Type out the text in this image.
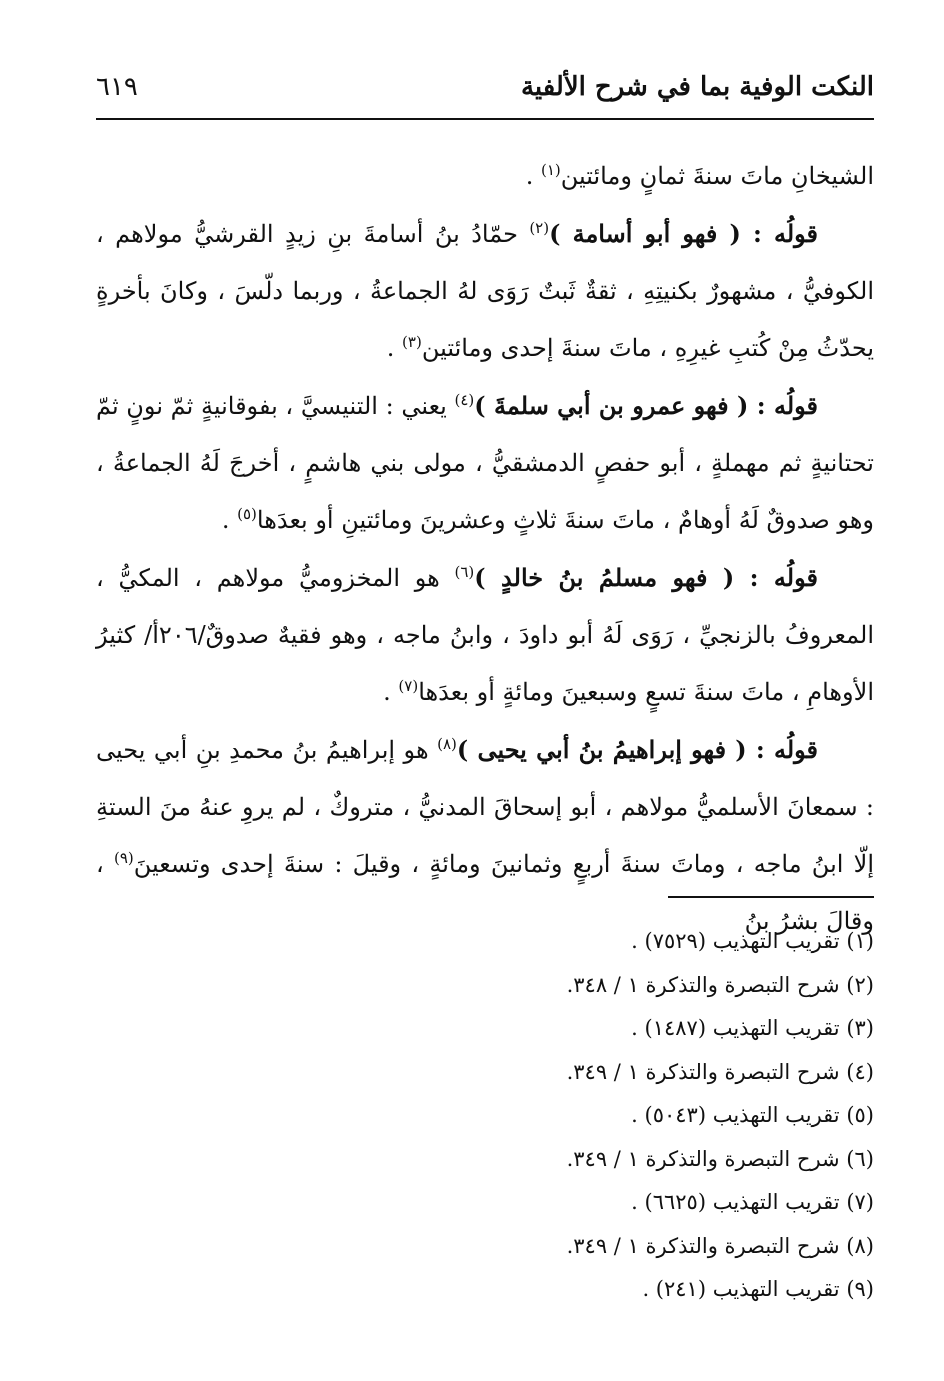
النكت الوفية بما في شرح الألفية
٦١٩

الشيخانِ ماتَ سنةَ ثمانٍ ومائتين$^{(١)}$ .

قولُه : ( فهو أبو أسامة )$^{(٢)}$ حمّادُ بنُ أسامةَ بنِ زيدٍ القرشيُّ مولاهم ، الكوفيُّ ، مشهورٌ بكنيتِهِ ، ثقةٌ ثَبتٌ رَوَى لهُ الجماعةُ ، وربما دلّسَ ، وكانَ بأخرةٍ يحدّثُ مِنْ كُتبِ غيرِهِ ، ماتَ سنةَ إحدى ومائتين$^{(٣)}$ .

قولُه : ( فهو عمرو بن أبي سلمةَ )$^{(٤)}$ يعني : التنيسيَّ ، بفوقانيةٍ ثمّ نونٍ ثمّ تحتانيةٍ ثم مهملةٍ ، أبو حفصٍ الدمشقيُّ ، مولى بني هاشمٍ ، أخرجَ لَهُ الجماعةُ ، وهو صدوقٌ لَهُ أوهامٌ ، ماتَ سنةَ ثلاثٍ وعشرينَ ومائتينِ أو بعدَها$^{(٥)}$ .

قولُه : ( فهو مسلمُ بنُ خالدٍ )$^{(٦)}$ هو المخزوميُّ مولاهم ، المكيُّ ، المعروفُ بالزنجيِّ ، رَوَى لَهُ أبو داودَ ، وابنُ ماجه ، وهو فقيهٌ صدوقٌ/٢٠٦أ/ كثيرُ الأوهامِ ، ماتَ سنةَ تسعٍ وسبعينَ ومائةٍ أو بعدَها$^{(٧)}$ .

قولُه : ( فهو إبراهيمُ بنُ أبي يحيى )$^{(٨)}$ هو إبراهيمُ بنُ محمدِ بنِ أبي يحيى : سمعانَ الأسلميُّ مولاهم ، أبو إسحاقَ المدنيُّ ، متروكٌ ، لم يروِ عنهُ منَ الستةِ إلّا ابنُ ماجه ، وماتَ سنةَ أربعٍ وثمانينَ ومائةٍ ، وقيلَ : سنةَ إحدى وتسعينَ$^{(٩)}$ ، وقالَ بشرُ بنُ

(١) تقريب التهذيب (٧٥٢٩) .
(٢) شرح التبصرة والتذكرة ١ / ٣٤٨.
(٣) تقريب التهذيب (١٤٨٧) .
(٤) شرح التبصرة والتذكرة ١ / ٣٤٩.
(٥) تقريب التهذيب (٥٠٤٣) .
(٦) شرح التبصرة والتذكرة ١ / ٣٤٩.
(٧) تقريب التهذيب (٦٦٢٥) .
(٨) شرح التبصرة والتذكرة ١ / ٣٤٩.
(٩) تقريب التهذيب (٢٤١) .
